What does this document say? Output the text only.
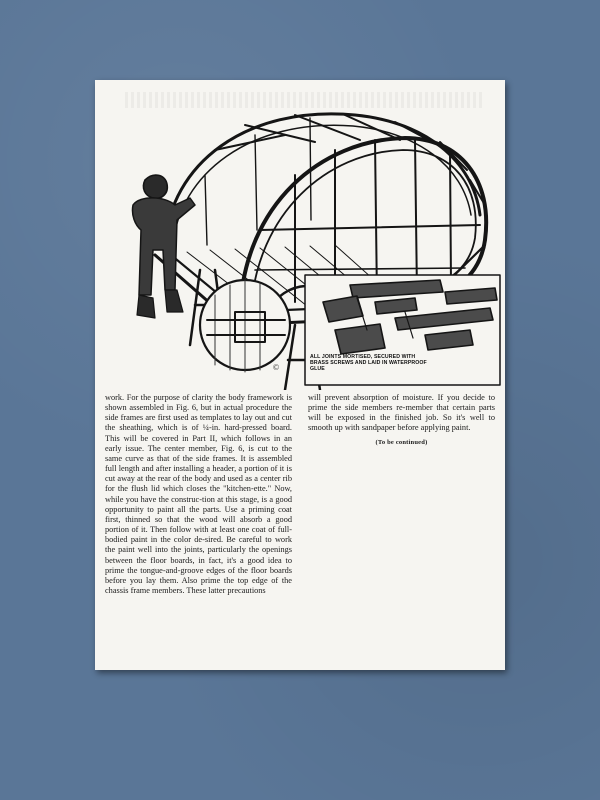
©
ALL JOINTS MORTISED, SECURED WITH BRASS SCREWS AND LAID IN WATERPROOF GLUE
work. For the purpose of clarity the body framework is shown assembled in Fig. 6, but in actual procedure the side frames are first used as templates to lay out and cut the sheathing, which is of ¼-in. hard-pressed board. This will be covered in Part II, which follows in an early issue. The center member, Fig. 6, is cut to the same curve as that of the side frames. It is assembled full length and after installing a header, a portion of it is cut away at the rear of the body and used as a center rib for the flush lid which closes the "kitchen-ette." Now, while you have the construc-tion at this stage, is a good opportunity to paint all the parts. Use a priming coat first, thinned so that the wood will absorb a good portion of it. Then follow with at least one coat of full-bodied paint in the color de-sired. Be careful to work the paint well into the joints, particularly the openings between the floor boards, in fact, it's a good idea to prime the tongue-and-groove edges of the floor boards before you lay them. Also prime the top edge of the chassis frame members. These latter precautions
will prevent absorption of moisture. If you decide to prime the side members re-member that certain parts will be exposed in the finished job. So it's well to smooth up with sandpaper before applying paint.
(To be continued)
